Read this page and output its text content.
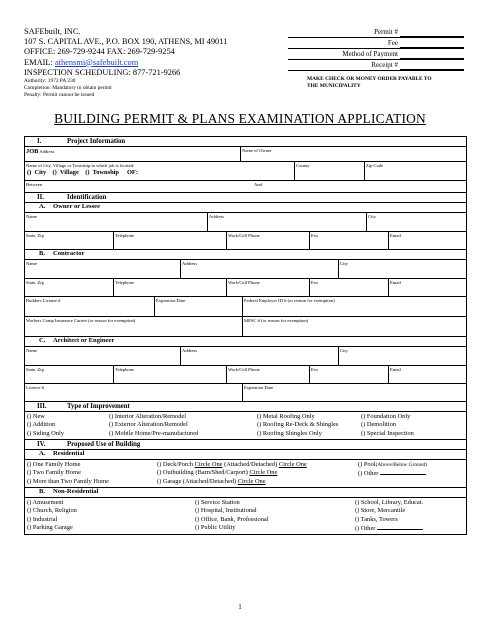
SAFEbuilt, INC.
107 S. CAPITAL AVE., P.O. BOX 190, ATHENS, MI 49011
OFFICE: 269-729-9244 FAX: 269-729-9254
EMAIL: athensmi@safebuilt.com
INSPECTION SCHEDULING: 877-721-9266
Authority: 1972 PA 230
Completion: Mandatory to obtain permit
Penalty: Permit cannot be issued
Permit #
Fee
Method of Payment
Receipt #
MAKE CHECK OR MONEY ORDER PAYABLE TO
THE MUNICIPALITY
BUILDING PERMIT & PLANS EXAMINATION APPLICATION
I.	Project Information
JOB Address	Name of Owner
Name of City, Village or Township in which job is located:
()  City    ()  Village    ()  Township     OF:
County	Zip Code
Between	And
II.	Identification
A. Owner or Lessee
Name	Address	City
State, Zip	Telephone	Work/Cell Phone	Fax	Email
B. Contractor
Name	Address	City
State, Zip	Telephone	Work/Cell Phone	Fax	Email
Builders License #	Expiration Date	Federal Employer ID # (or reason for exemption)
Workers Comp Insurance Carrier (or reason for exemption)	MESC # (or reason for exemption)
C. Architect or Engineer
Name	Address	City
State, Zip	Telephone	Work/Cell Phone	Fax	Email
Licence #	Expiration Date
III.	Type of Improvement
() New
() Addition
() Siding Only
() Interior Alteration/Remodel
() Exterior Alteration/Remodel
() Mobile Home/Pre-manufactured
() Metal Roofing Only
() Roofing Re-Deck & Shingles
() Roofing Shingles Only
() Foundation Only
() Demolition
() Special Inspection
IV.	Proposed Use of Building
A. Residential
() One Family Home
() Two Family Home
() More than Two Family Home
() Deck/Porch Circle One (Attached/Detached) Circle One
() Outbuilding (Barn/Shed/Carport) Circle One
() Garage (Attached/Detached) Circle One
() Pool(Above/Below Ground)
() Other
B. Non-Residential
() Amusement
() Church, Religion
() Industrial
() Parking Garage
() Service Station
() Hospital, Institutional
() Office, Bank, Professional
() Public Utility
() School, Library, Educat.
() Store, Mercantile
() Tanks, Towers
() Other
1
